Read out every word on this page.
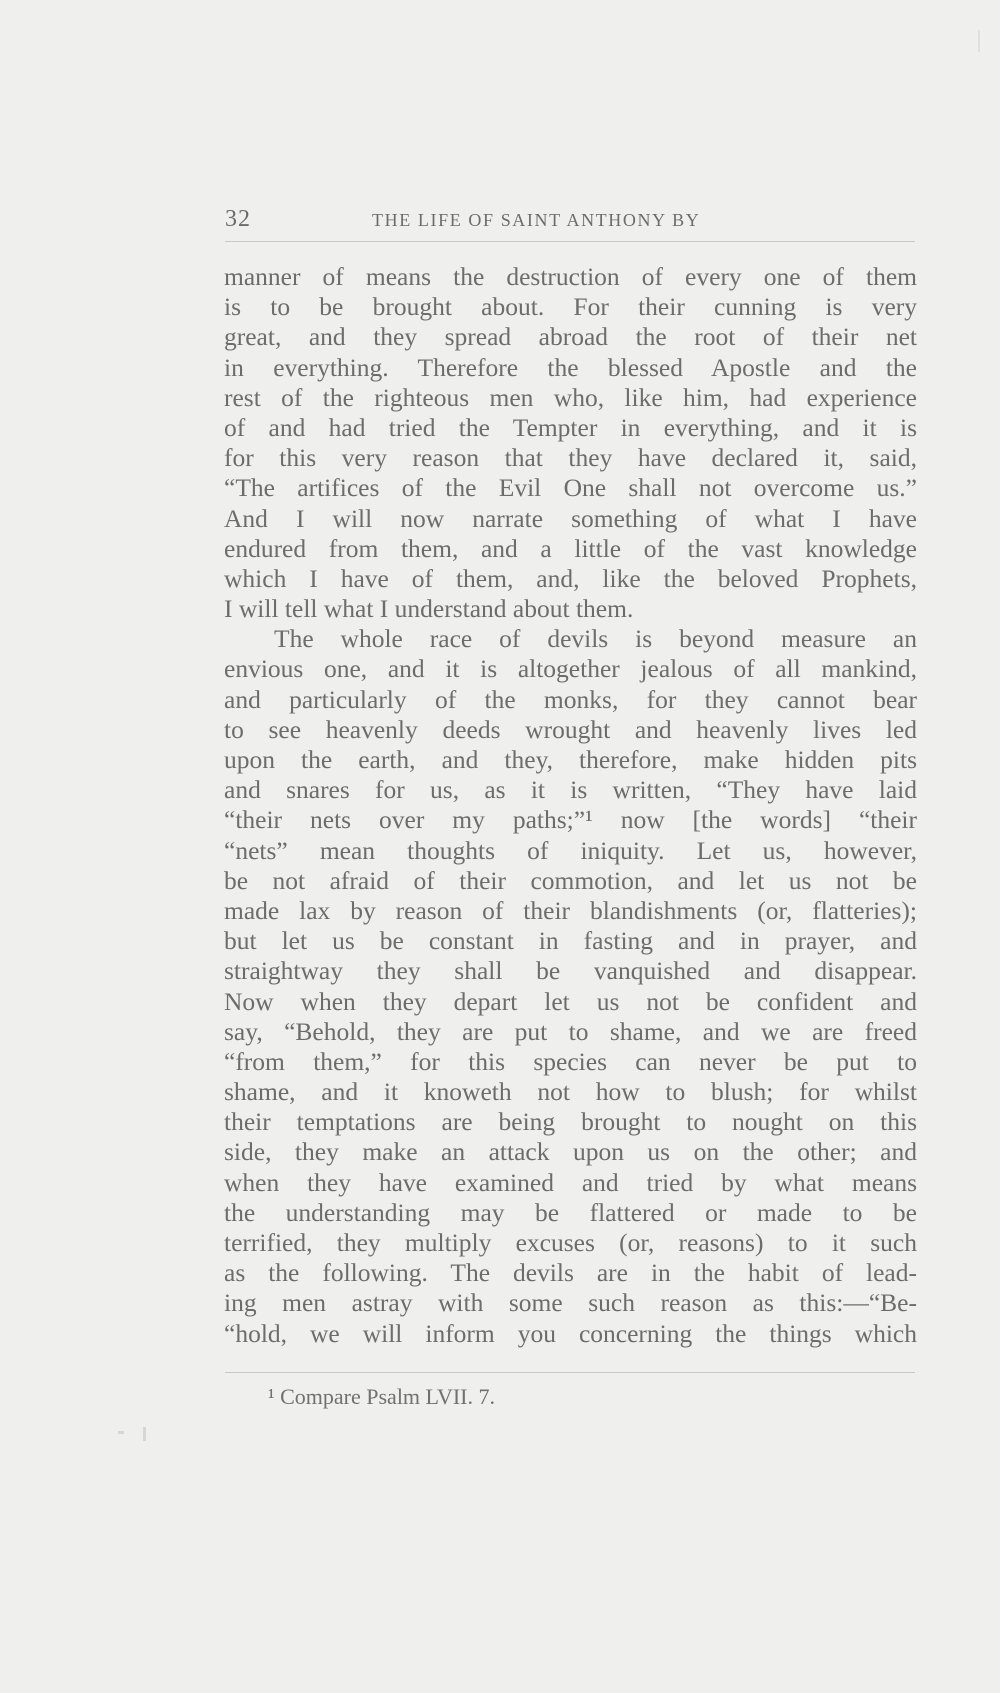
32	THE LIFE OF SAINT ANTHONY BY
manner of means the destruction of every one of them
is to be brought about. For their cunning is very
great, and they spread abroad the root of their net
in everything. Therefore the blessed Apostle and the
rest of the righteous men who, like him, had experience
of and had tried the Tempter in everything, and it is
for this very reason that they have declared it, said,
“The artifices of the Evil One shall not overcome us.”
And I will now narrate something of what I have
endured from them, and a little of the vast knowledge
which I have of them, and, like the beloved Prophets,
I will tell what I understand about them.
The whole race of devils is beyond measure an
envious one, and it is altogether jealous of all mankind,
and particularly of the monks, for they cannot bear
to see heavenly deeds wrought and heavenly lives led
upon the earth, and they, therefore, make hidden pits
and snares for us, as it is written, “They have laid
“their nets over my paths;”¹ now [the words] “their
“nets” mean thoughts of iniquity. Let us, however,
be not afraid of their commotion, and let us not be
made lax by reason of their blandishments (or, flatteries);
but let us be constant in fasting and in prayer, and
straightway they shall be vanquished and disappear.
Now when they depart let us not be confident and
say, “Behold, they are put to shame, and we are freed
“from them,” for this species can never be put to
shame, and it knoweth not how to blush; for whilst
their temptations are being brought to nought on this
side, they make an attack upon us on the other; and
when they have examined and tried by what means
the understanding may be flattered or made to be
terrified, they multiply excuses (or, reasons) to it such
as the following. The devils are in the habit of lead-
ing men astray with some such reason as this:—“Be-
“hold, we will inform you concerning the things which
¹ Compare Psalm LVII. 7.
